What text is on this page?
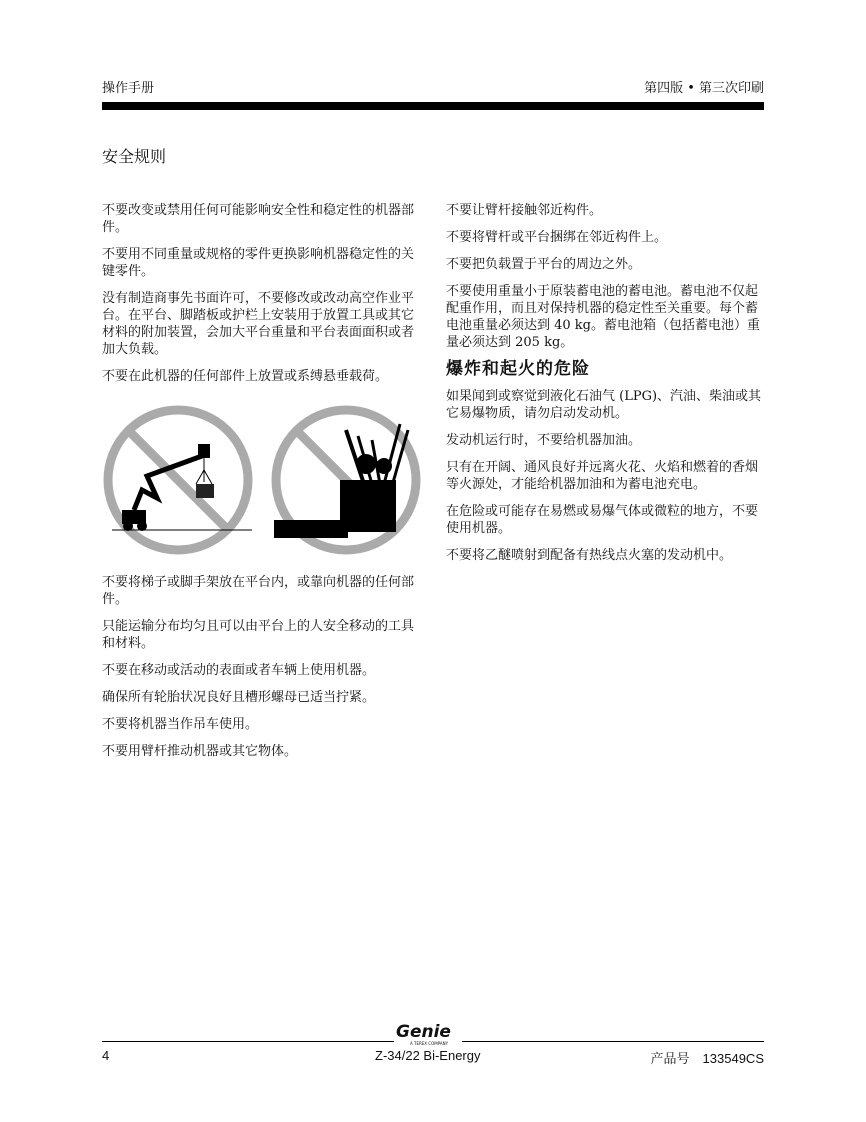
操作手册	第四版 • 第三次印刷
安全规则

不要改变或禁用任何可能影响安全性和稳定性的机器部件。

不要用不同重量或规格的零件更换影响机器稳定性的关键零件。

没有制造商事先书面许可，不要修改或改动高空作业平台。在平台、脚踏板或护栏上安装用于放置工具或其它材料的附加装置，会加大平台重量和平台表面面积或者加大负载。

不要在此机器的任何部件上放置或系缚悬垂载荷。

不要将梯子或脚手架放在平台内，或靠向机器的任何部件。

只能运输分布均匀且可以由平台上的人安全移动的工具和材料。

不要在移动或活动的表面或者车辆上使用机器。

确保所有轮胎状况良好且槽形螺母已适当拧紧。

不要将机器当作吊车使用。

不要用臂杆推动机器或其它物体。

不要让臂杆接触邻近构件。

不要将臂杆或平台捆绑在邻近构件上。

不要把负载置于平台的周边之外。

不要使用重量小于原装蓄电池的蓄电池。蓄电池不仅起配重作用，而且对保持机器的稳定性至关重要。每个蓄电池重量必须达到 40 kg。蓄电池箱（包括蓄电池）重量必须达到 205 kg。

爆炸和起火的危险

如果闻到或察觉到液化石油气 (LPG)、汽油、柴油或其它易爆物质，请勿启动发动机。

发动机运行时，不要给机器加油。

只有在开阔、通风良好并远离火花、火焰和燃着的香烟等火源处，才能给机器加油和为蓄电池充电。

在危险或可能存在易燃或易爆气体或微粒的地方，不要使用机器。

不要将乙醚喷射到配备有热线点火塞的发动机中。

Genie
A TEREX COMPANY
4	Z-34/22 Bi-Energy	产品号　133549CS
